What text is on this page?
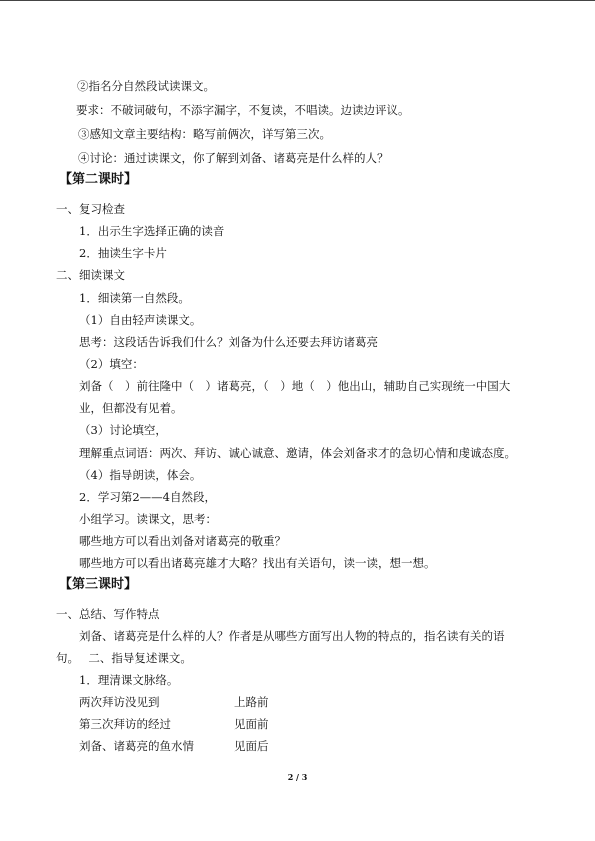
②指名分自然段试读课文。
要求：不破词破句，不添字漏字，不复读，不唱读。边读边评议。
③感知文章主要结构：略写前俩次，详写第三次。
④讨论：通过读课文，你了解到刘备、诸葛亮是什么样的人？
【第二课时】
一、复习检查
1．出示生字选择正确的读音
2．抽读生字卡片
二、细读课文
1．细读第一自然段。
（1）自由轻声读课文。
思考：这段话告诉我们什么？刘备为什么还要去拜访诸葛亮
（2）填空：
刘备（　）前往隆中（　）诸葛亮，（　）地（　）他出山，辅助自己实现统一中国大
业，但都没有见着。
（3）讨论填空，
理解重点词语：两次、拜访、诚心诚意、邀请，体会刘备求才的急切心情和虔诚态度。
（4）指导朗读，体会。
2．学习第2——4自然段，
小组学习。读课文，思考：
哪些地方可以看出刘备对诸葛亮的敬重？
哪些地方可以看出诸葛亮雄才大略？找出有关语句，读一读，想一想。
【第三课时】
一、总结、写作特点
刘备、诸葛亮是什么样的人？作者是从哪些方面写出人物的特点的，指名读有关的语
句。　 二、指导复述课文。
1．理清课文脉络。
两次拜访没见到	上路前
第三次拜访的经过	见面前
刘备、诸葛亮的鱼水情	见面后
2 / 3
